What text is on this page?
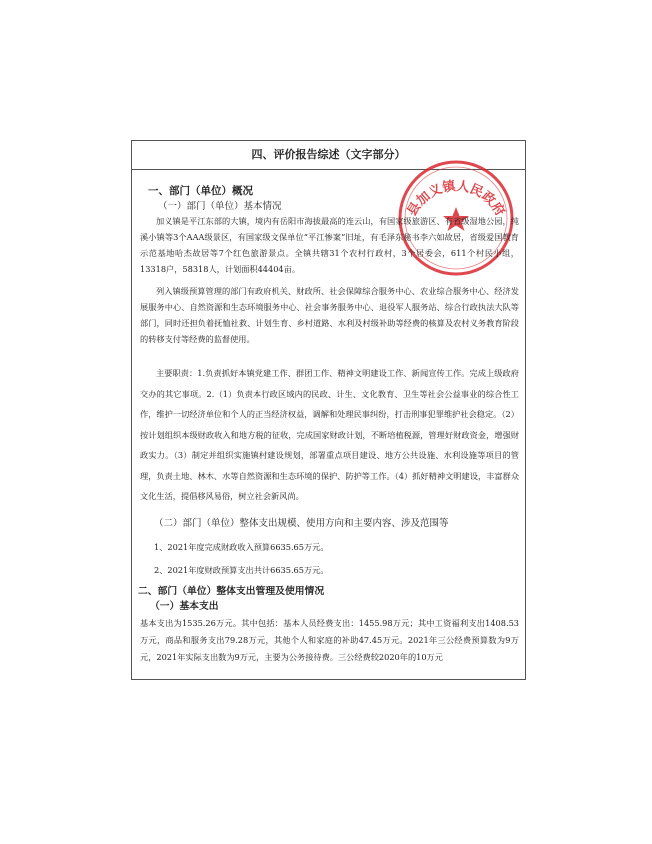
四、评价报告综述（文字部分）
县加义镇人民政府
一、部门（单位）概况
（一）部门（单位）基本情况
加义镇是平江东部的大镇，境内有岳阳市海拔最高的连云山，有国家级旅游区、有省级湿地公园，纯溪小镇等3个AAA级景区，有国家级文保单位“平江惨案”旧址，有毛泽东秘书李六如故居，省级爱国教育示范基地哈杰故居等7个红色旅游景点。全镇共辖31个农村行政村，3个居委会，611个村民小组，13318户，58318人，计划面积44404亩。
列入镇级预算管理的部门有政府机关、财政所、社会保障综合服务中心、农业综合服务中心、经济发展服务中心、自然资源和生态环境服务中心、社会事务服务中心、退役军人服务站、综合行政执法大队等部门，同时还担负着抚恤社救、计划生育、乡村道路、水利及村级补助等经费的核算及农村义务教育阶段的转移支付等经费的监督使用。
主要职责：1.负责抓好本镇党建工作、群团工作、精神文明建设工作、新闻宣传工作。完成上级政府交办的其它事项。2.（1）负责本行政区域内的民政、计生、文化教育、卫生等社会公益事业的综合性工作，维护一切经济单位和个人的正当经济权益，调解和处理民事纠纷，打击刑事犯罪维护社会稳定。（2）按计划组织本级财政收入和地方税的征收，完成国家财政计划，不断培植税源，管理好财政资金，增强财政实力。（3）制定并组织实施镇村建设规划，部署重点项目建设、地方公共设施、水利设施等项目的管理，负责土地、林木、水等自然资源和生态环境的保护、防护等工作。（4）抓好精神文明建设，丰富群众文化生活，提倡移风易俗，树立社会新风尚。
（二）部门（单位）整体支出规模、使用方向和主要内容、涉及范围等
1、2021年度完成财政收入预算6635.65万元。
2、2021年度财政预算支出共计6635.65万元。
二、部门（单位）整体支出管理及使用情况
（一）基本支出
基本支出为1535.26万元。其中包括：基本人员经费支出：1455.98万元；其中工资福利支出1408.53万元，商品和服务支出79.28万元，其他个人和家庭的补助47.45万元。2021年三公经费预算数为9万元，2021年实际支出数为9万元，主要为公务接待费。三公经费较2020年的10万元
